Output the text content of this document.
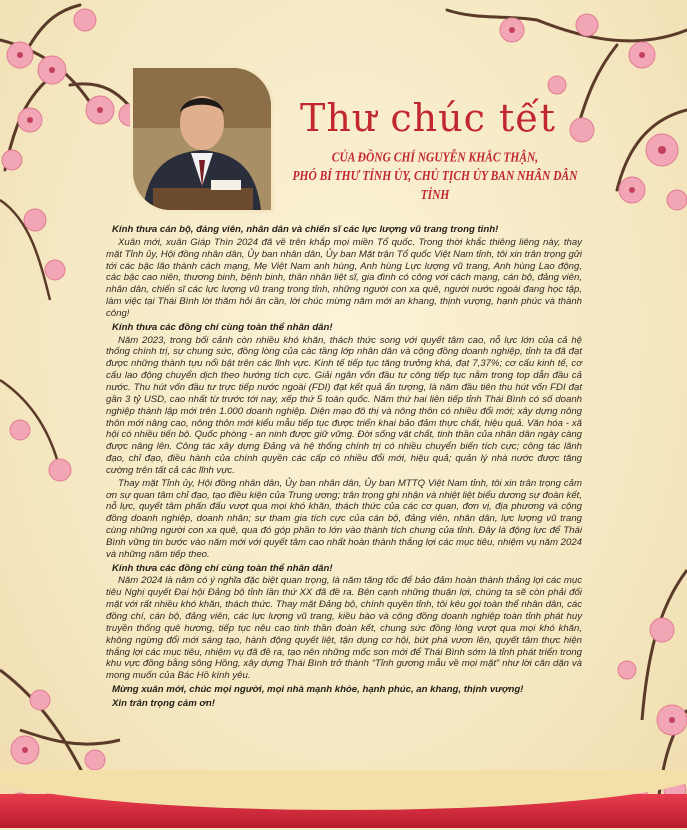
Thư chúc tết

CỦA ĐỒNG CHÍ NGUYỄN KHẮC THẬN,

PHÓ BÍ THƯ TỈNH ỦY, CHỦ TỊCH ỦY BAN NHÂN DÂN TỈNH

Kính thưa cán bộ, đảng viên, nhân dân và chiến sĩ các lực lượng vũ trang trong tỉnh!

Xuân mới, xuân Giáp Thìn 2024 đã về trên khắp mọi miền Tổ quốc. Trong thời khắc thiêng liêng này, thay mặt Tỉnh ủy, Hội đồng nhân dân, Ủy ban nhân dân, Ủy ban Mặt trận Tổ quốc Việt Nam tỉnh, tôi xin trân trọng gửi tới các bậc lão thành cách mạng, Mẹ Việt Nam anh hùng, Anh hùng Lực lượng vũ trang, Anh hùng Lao động, các bậc cao niên, thương binh, bệnh binh, thân nhân liệt sĩ, gia đình có công với cách mạng, cán bộ, đảng viên, nhân dân, chiến sĩ các lực lượng vũ trang trong tỉnh, những người con xa quê, người nước ngoài đang học tập, làm việc tại Thái Bình lời thăm hỏi ân cần, lời chúc mừng năm mới an khang, thịnh vượng, hạnh phúc và thành công!

Kính thưa các đồng chí cùng toàn thể nhân dân!

Năm 2023, trong bối cảnh còn nhiều khó khăn, thách thức song với quyết tâm cao, nỗ lực lớn của cả hệ thống chính trị, sự chung sức, đồng lòng của các tầng lớp nhân dân và cộng đồng doanh nghiệp, tỉnh ta đã đạt được những thành tựu nổi bật trên các lĩnh vực. Kinh tế tiếp tục tăng trưởng khá, đạt 7,37%; cơ cấu kinh tế, cơ cấu lao động chuyển dịch theo hướng tích cực. Giải ngân vốn đầu tư công tiếp tục nằm trong top dẫn đầu cả nước. Thu hút vốn đầu tư trực tiếp nước ngoài (FDI) đạt kết quả ấn tượng, là năm đầu tiên thu hút vốn FDI đạt gần 3 tỷ USD, cao nhất từ trước tới nay, xếp thứ 5 toàn quốc. Năm thứ hai liên tiếp tỉnh Thái Bình có số doanh nghiệp thành lập mới trên 1.000 doanh nghiệp. Diện mạo đô thị và nông thôn có nhiều đổi mới; xây dựng nông thôn mới nâng cao, nông thôn mới kiểu mẫu tiếp tục được triển khai bảo đảm thực chất, hiệu quả. Văn hóa - xã hội có nhiều tiến bộ. Quốc phòng - an ninh được giữ vững. Đời sống vật chất, tinh thần của nhân dân ngày càng được nâng lên. Công tác xây dựng Đảng và hệ thống chính trị có nhiều chuyển biến tích cực; công tác lãnh đạo, chỉ đạo, điều hành của chính quyền các cấp có nhiều đổi mới, hiệu quả; quản lý nhà nước được tăng cường trên tất cả các lĩnh vực.

Thay mặt Tỉnh ủy, Hội đồng nhân dân, Ủy ban nhân dân, Ủy ban MTTQ Việt Nam tỉnh, tôi xin trân trọng cảm ơn sự quan tâm chỉ đạo, tạo điều kiện của Trung ương; trân trọng ghi nhận và nhiệt liệt biểu dương sự đoàn kết, nỗ lực, quyết tâm phấn đấu vượt qua mọi khó khăn, thách thức của các cơ quan, đơn vị, địa phương và cộng đồng doanh nghiệp, doanh nhân; sự tham gia tích cực của cán bộ, đảng viên, nhân dân, lực lượng vũ trang cùng những người con xa quê, qua đó góp phần to lớn vào thành tích chung của tỉnh. Đây là động lực để Thái Bình vững tin bước vào năm mới với quyết tâm cao nhất hoàn thành thắng lợi các mục tiêu, nhiệm vụ năm 2024 và những năm tiếp theo.

Kính thưa các đồng chí cùng toàn thể nhân dân!

Năm 2024 là năm có ý nghĩa đặc biệt quan trọng, là năm tăng tốc để bảo đảm hoàn thành thắng lợi các mục tiêu Nghị quyết Đại hội Đảng bộ tỉnh lần thứ XX đã đề ra. Bên cạnh những thuận lợi, chúng ta sẽ còn phải đối mặt với rất nhiều khó khăn, thách thức. Thay mặt Đảng bộ, chính quyền tỉnh, tôi kêu gọi toàn thể nhân dân, các đồng chí, cán bộ, đảng viên, các lực lượng vũ trang, kiều bào và cộng đồng doanh nghiệp toàn tỉnh phát huy truyền thống quê hương, tiếp tục nêu cao tinh thần đoàn kết, chung sức đồng lòng vượt qua mọi khó khăn, không ngừng đổi mới sáng tạo, hành động quyết liệt, tận dụng cơ hội, bứt phá vươn lên, quyết tâm thực hiện thắng lợi các mục tiêu, nhiệm vụ đã đề ra, tạo nên những mốc son mới để Thái Bình sớm là tỉnh phát triển trong khu vực đồng bằng sông Hồng, xây dựng Thái Bình trở thành “Tỉnh gương mẫu về mọi mặt” như lời căn dặn và mong muốn của Bác Hồ kính yêu.

Mừng xuân mới, chúc mọi người, mọi nhà mạnh khỏe, hạnh phúc, an khang, thịnh vượng!

Xin trân trọng cảm ơn!
